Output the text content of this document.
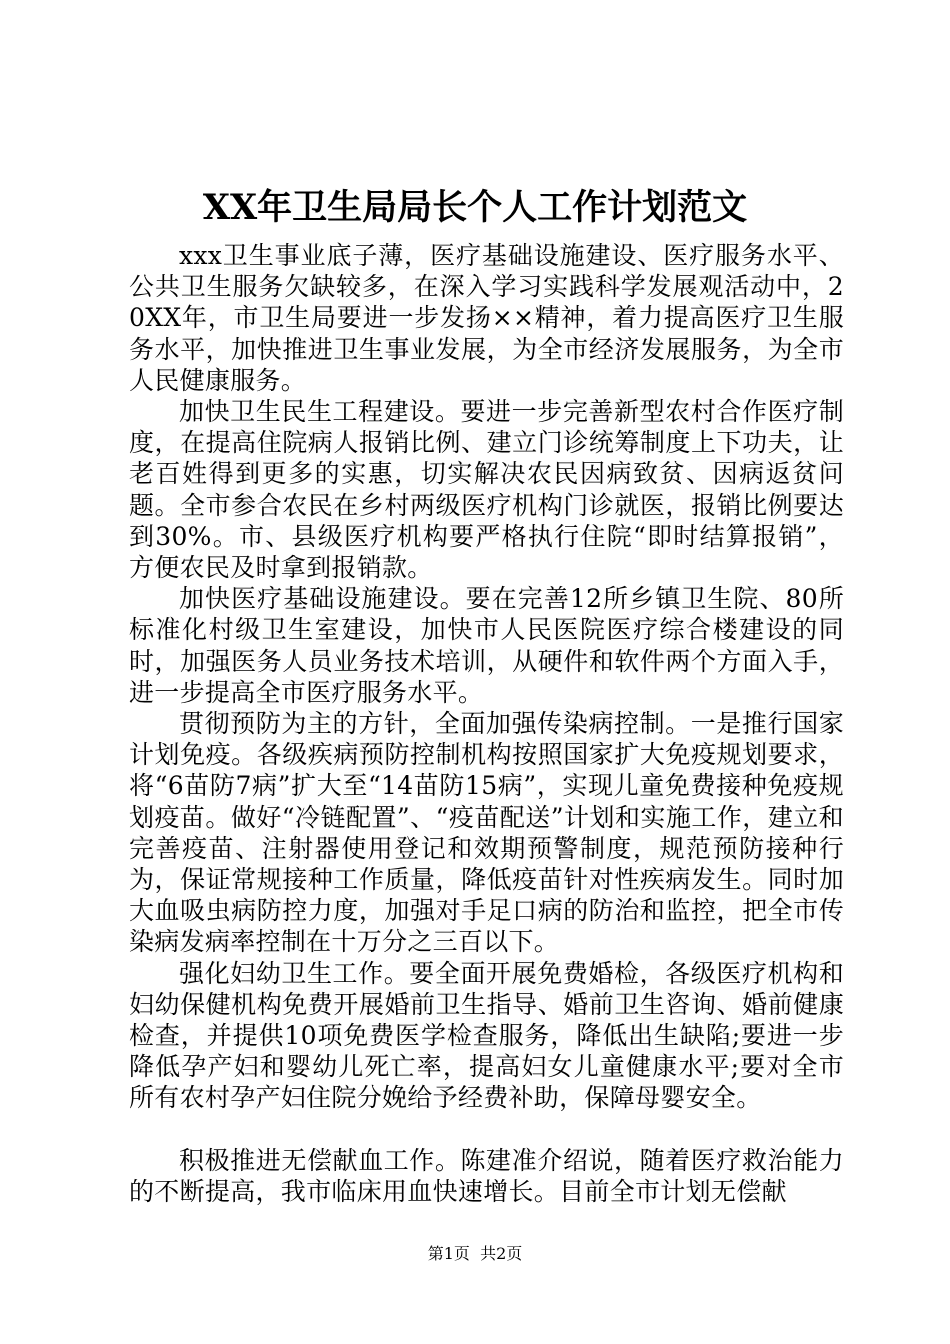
XX年卫生局局长个人工作计划范文

xxx卫生事业底子薄，医疗基础设施建设、医疗服务水平、公共卫生服务欠缺较多，在深入学习实践科学发展观活动中，20XX年，市卫生局要进一步发扬××精神，着力提高医疗卫生服务水平，加快推进卫生事业发展，为全市经济发展服务，为全市人民健康服务。

加快卫生民生工程建设。要进一步完善新型农村合作医疗制度，在提高住院病人报销比例、建立门诊统筹制度上下功夫，让老百姓得到更多的实惠，切实解决农民因病致贫、因病返贫问题。全市参合农民在乡村两级医疗机构门诊就医，报销比例要达到30%。市、县级医疗机构要严格执行住院“即时结算报销”，方便农民及时拿到报销款。

加快医疗基础设施建设。要在完善12所乡镇卫生院、80所标准化村级卫生室建设，加快市人民医院医疗综合楼建设的同时，加强医务人员业务技术培训，从硬件和软件两个方面入手，进一步提高全市医疗服务水平。

贯彻预防为主的方针，全面加强传染病控制。一是推行国家计划免疫。各级疾病预防控制机构按照国家扩大免疫规划要求，将“6苗防7病”扩大至“14苗防15病”，实现儿童免费接种免疫规划疫苗。做好“冷链配置”、“疫苗配送”计划和实施工作，建立和完善疫苗、注射器使用登记和效期预警制度，规范预防接种行为，保证常规接种工作质量，降低疫苗针对性疾病发生。同时加大血吸虫病防控力度，加强对手足口病的防治和监控，把全市传染病发病率控制在十万分之三百以下。

强化妇幼卫生工作。要全面开展免费婚检，各级医疗机构和妇幼保健机构免费开展婚前卫生指导、婚前卫生咨询、婚前健康检查，并提供10项免费医学检查服务，降低出生缺陷;要进一步降低孕产妇和婴幼儿死亡率，提高妇女儿童健康水平;要对全市所有农村孕产妇住院分娩给予经费补助，保障母婴安全。

积极推进无偿献血工作。陈建准介绍说，随着医疗救治能力的不断提高，我市临床用血快速增长。目前全市计划无偿献

第1页 共2页
